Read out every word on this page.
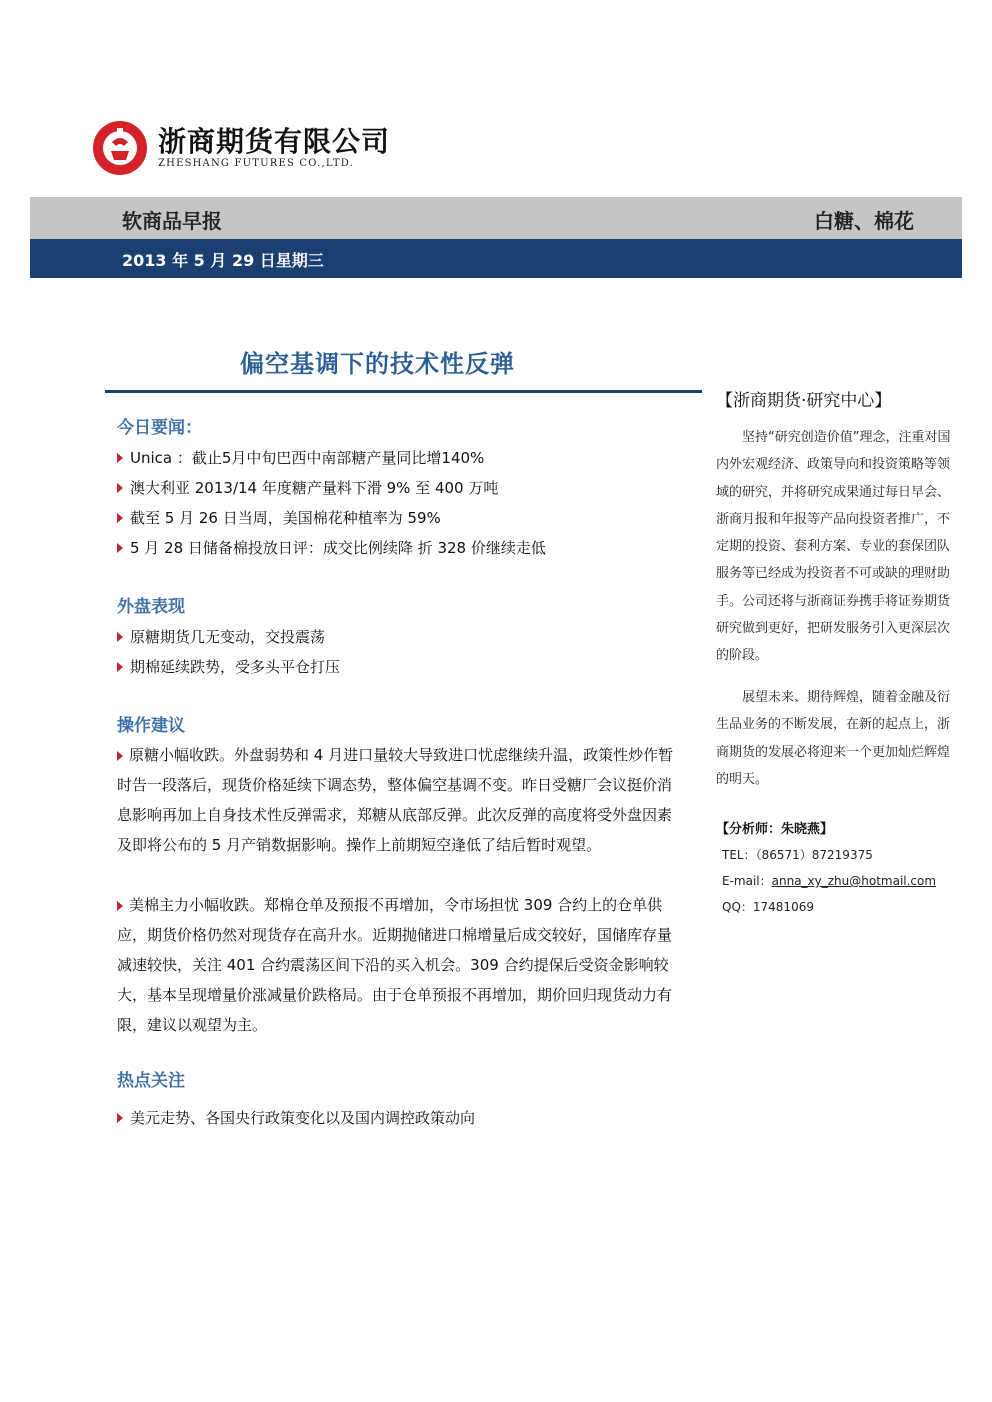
浙商期货有限公司
ZHESHANG FUTURES CO.,LTD.
软商品早报	白糖、棉花
2013 年 5 月 29 日星期三
偏空基调下的技术性反弹
今日要闻：
Unica ：截止5月中旬巴西中南部糖产量同比增140%
澳大利亚 2013/14 年度糖产量料下滑 9% 至 400 万吨
截至 5 月 26 日当周，美国棉花种植率为 59%
5 月 28 日储备棉投放日评：成交比例续降 折 328 价继续走低
外盘表现
原糖期货几无变动，交投震荡
期棉延续跌势，受多头平仓打压
操作建议
原糖小幅收跌。外盘弱势和 4 月进口量较大导致进口忧虑继续升温，政策性炒作暂时告一段落后，现货价格延续下调态势，整体偏空基调不变。昨日受糖厂会议挺价消息影响再加上自身技术性反弹需求，郑糖从底部反弹。此次反弹的高度将受外盘因素及即将公布的 5 月产销数据影响。操作上前期短空逢低了结后暂时观望。
美棉主力小幅收跌。郑棉仓单及预报不再增加，令市场担忧 309 合约上的仓单供应，期货价格仍然对现货存在高升水。近期抛储进口棉增量后成交较好，国储库存量减速较快，关注 401 合约震荡区间下沿的买入机会。309 合约提保后受资金影响较大，基本呈现增量价涨减量价跌格局。由于仓单预报不再增加，期价回归现货动力有限，建议以观望为主。
热点关注
美元走势、各国央行政策变化以及国内调控政策动向
【浙商期货·研究中心】
坚持“研究创造价值”理念，注重对国内外宏观经济、政策导向和投资策略等领域的研究，并将研究成果通过每日早会、浙商月报和年报等产品向投资者推广，不定期的投资、套利方案、专业的套保团队服务等已经成为投资者不可或缺的理财助手。公司还将与浙商证券携手将证券期货研究做到更好，把研发服务引入更深层次的阶段。
展望未来、期待辉煌，随着金融及衍生品业务的不断发展，在新的起点上，浙商期货的发展必将迎来一个更加灿烂辉煌的明天。
【分析师：朱晓燕】
TEL：（86571）87219375
E-mail：anna_xy_zhu@hotmail.com
QQ：17481069
